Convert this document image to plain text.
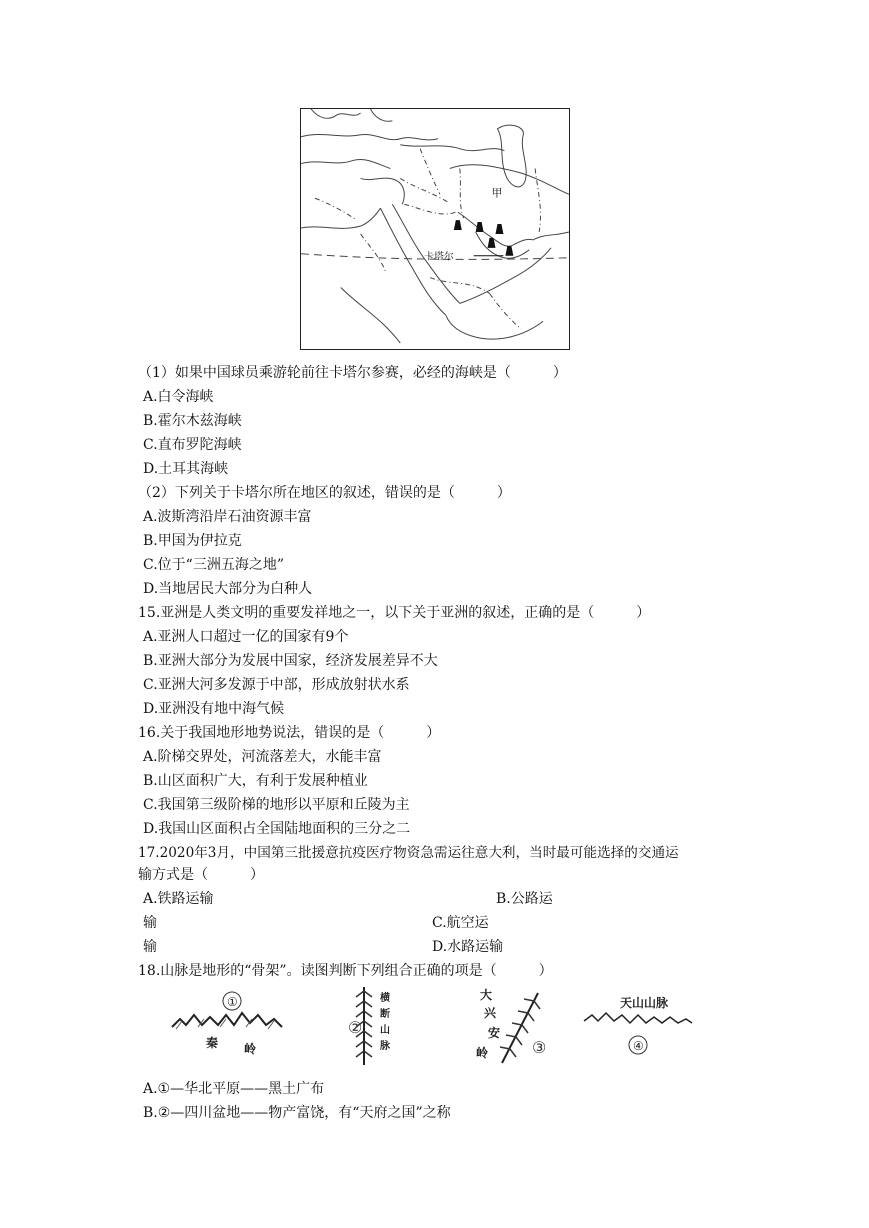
甲
卡塔尔
（1）如果中国球员乘游轮前往卡塔尔参赛，必经的海峡是（　　　）
A.白令海峡
B.霍尔木兹海峡
C.直布罗陀海峡
D.土耳其海峡
（2）下列关于卡塔尔所在地区的叙述，错误的是（　　　）
A.波斯湾沿岸石油资源丰富
B.甲国为伊拉克
C.位于“三洲五海之地”
D.当地居民大部分为白种人
15.亚洲是人类文明的重要发祥地之一，以下关于亚洲的叙述，正确的是（　　　）
A.亚洲人口超过一亿的国家有9个
B.亚洲大部分为发展中国家，经济发展差异不大
C.亚洲大河多发源于中部，形成放射状水系
D.亚洲没有地中海气候
16.关于我国地形地势说法，错误的是（　　　）
A.阶梯交界处，河流落差大，水能丰富
B.山区面积广大，有利于发展种植业
C.我国第三级阶梯的地形以平原和丘陵为主
D.我国山区面积占全国陆地面积的三分之二
17.2020年3月，中国第三批援意抗疫医疗物资急需运往意大利，当时最可能选择的交通运
输方式是（　　　）
A.铁路运输	B.公路运
输	C.航空运
输	D.水路运输
18.山脉是地形的“骨架”。读图判断下列组合正确的项是（　　　）
①
秦 岭
②
横
断
山
脉
大
兴
安
岭	③
天山山脉
④
A.①—华北平原——黑土广布
B.②—四川盆地——物产富饶，有“天府之国”之称
